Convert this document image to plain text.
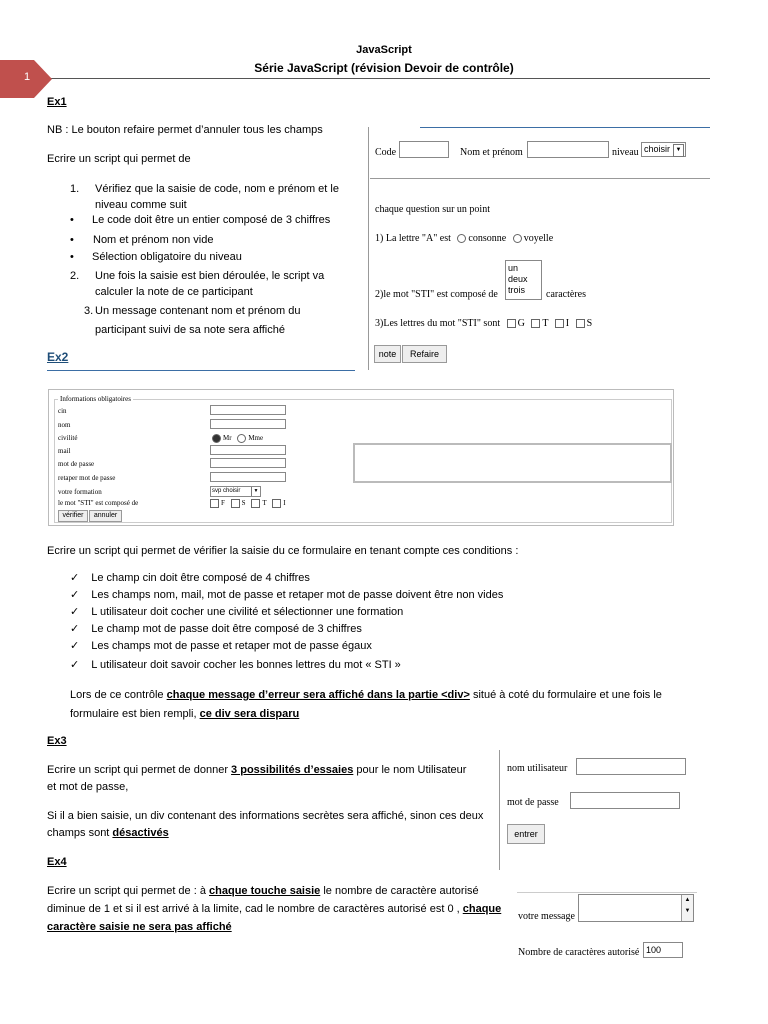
JavaScript
Série JavaScript (révision Devoir de contrôle)
1
Ex1
NB : Le bouton refaire permet d’annuler tous les champs
Ecrire un script qui permet de
1. Vérifiez que la saisie de code, nom e prénom et le niveau comme suit
• Le code doit être un entier composé de 3 chiffres
• Nom et prénom non vide
• Sélection obligatoire du niveau
2. Une fois la saisie est bien déroulée, le script va calculer la note de ce participant
3. Un message contenant nom et prénom du participant suivi de sa note sera affiché
Code	Nom et prénom	niveau choisir ▼
chaque question sur un point
1) La lettre "A" est consonne voyelle
2)le mot "STI" est composé de
un
deux
trois	caractères
3)Les lettres du mot "STI" sont G T I S
note	Refaire
Ex2
Informations obligatoires
cin
nom
civilité	Mr Mme
mail
mot de passe
retaper mot de passe
votre formation	svp choisir	▼
le mot "STI" est composé de	F S T I
vérifier	annuler
Ecrire un script qui permet de vérifier la saisie du ce formulaire en tenant compte ces conditions :
✓ Le champ cin doit être composé de 4 chiffres
✓ Les champs nom, mail, mot de passe et retaper mot de passe doivent être non vides
✓ L utilisateur doit cocher une civilité et sélectionner une formation
✓ Le champ mot de passe doit être composé de 3 chiffres
✓ Les champs mot de passe et retaper mot de passe égaux
✓ L utilisateur doit savoir cocher les bonnes lettres du mot « STI »
Lors de ce contrôle chaque message d’erreur sera affiché dans la partie <div> situé à coté du formulaire et une fois le formulaire est bien rempli, ce div sera disparu
Ex3
Ecrire un script qui permet de donner 3 possibilités d’essaies pour le nom Utilisateur et mot de passe,
Si il a bien saisie, un div contenant des informations secrètes sera affiché, sinon ces deux champs sont désactivés
nom utilisateur
mot de passe
entrer
Ex4
Ecrire un script qui permet de : à chaque touche saisie le nombre de caractère autorisé diminue de 1 et si il est arrivé à la limite, cad le nombre de caractères autorisé est 0 , chaque caractère saisie ne sera pas affiché
votre message
▲
▼
Nombre de caractères autorisé 100
